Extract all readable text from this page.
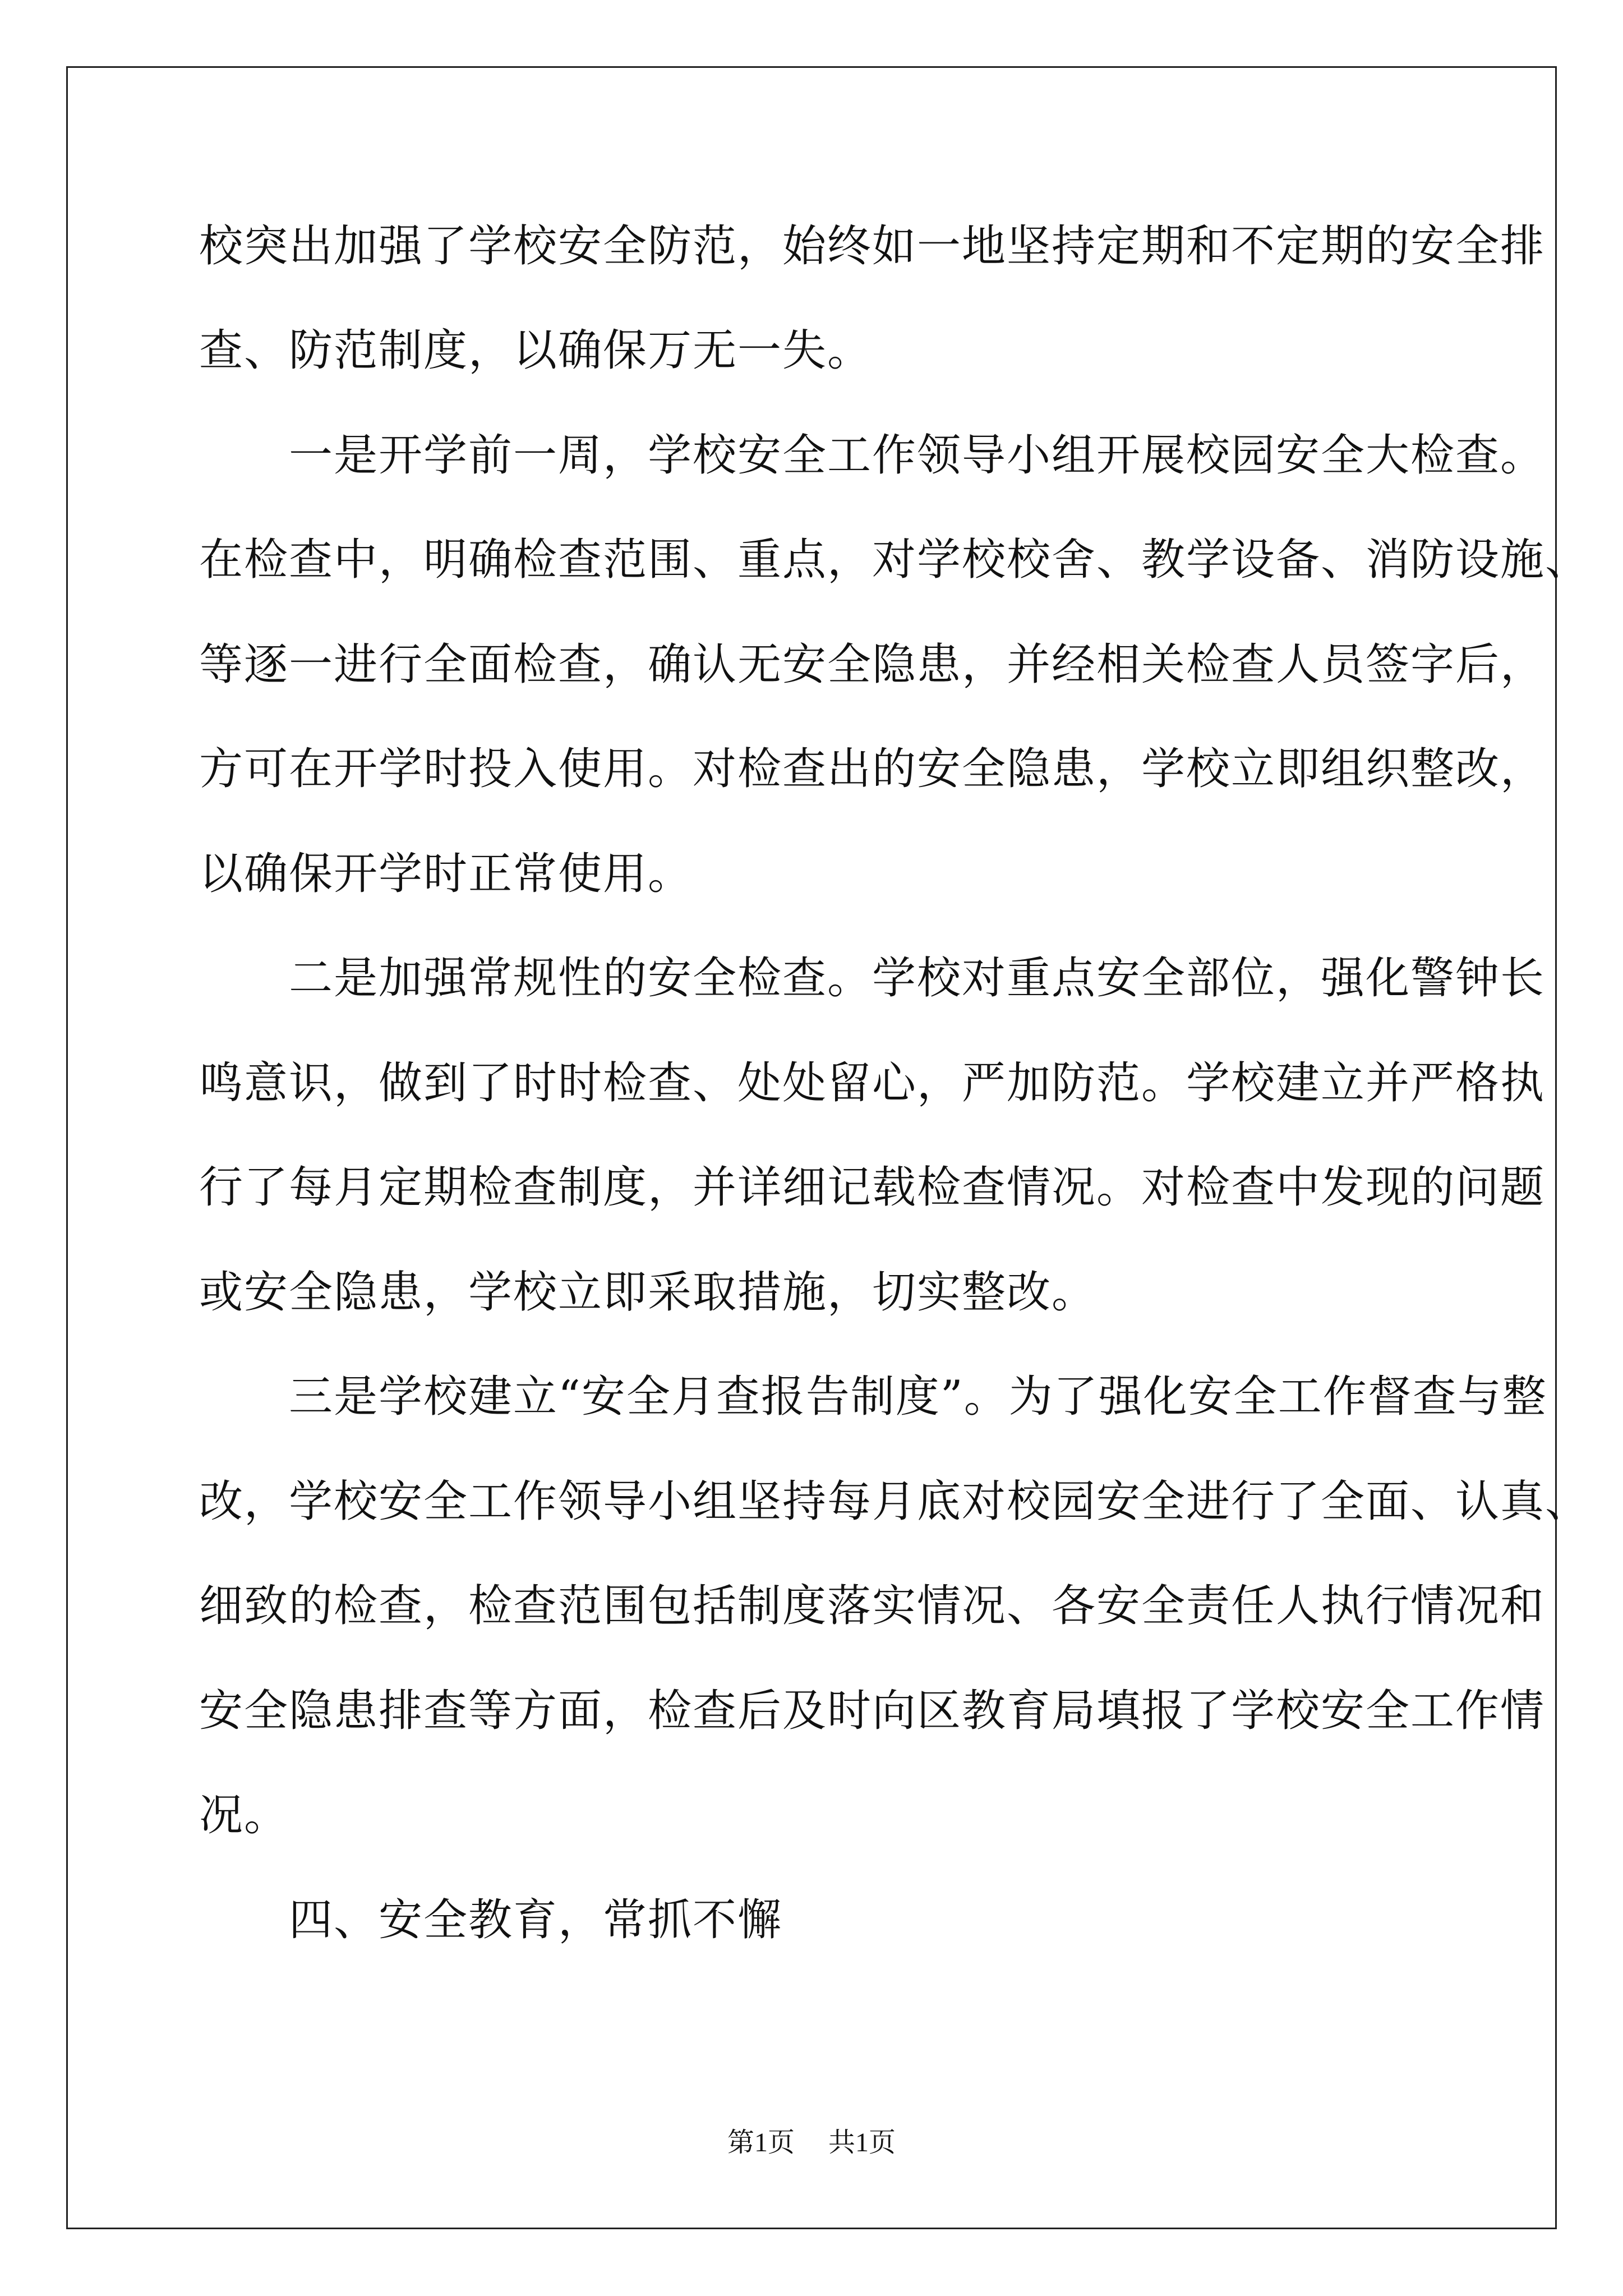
校突出加强了学校安全防范，始终如一地坚持定期和不定期的安全排
查、防范制度，以确保万无一失。
　　一是开学前一周，学校安全工作领导小组开展校园安全大检查。
在检查中，明确检查范围、重点，对学校校舍、教学设备、消防设施、
等逐一进行全面检查，确认无安全隐患，并经相关检查人员签字后，
方可在开学时投入使用。对检查出的安全隐患，学校立即组织整改，
以确保开学时正常使用。
　　二是加强常规性的安全检查。学校对重点安全部位，强化警钟长
鸣意识，做到了时时检查、处处留心，严加防范。学校建立并严格执
行了每月定期检查制度，并详细记载检查情况。对检查中发现的问题
或安全隐患，学校立即采取措施，切实整改。
　　三是学校建立“安全月查报告制度”。为了强化安全工作督查与整
改，学校安全工作领导小组坚持每月底对校园安全进行了全面、认真、
细致的检查，检查范围包括制度落实情况、各安全责任人执行情况和
安全隐患排查等方面，检查后及时向区教育局填报了学校安全工作情
况。
　　四、安全教育，常抓不懈
第1页 共1页
